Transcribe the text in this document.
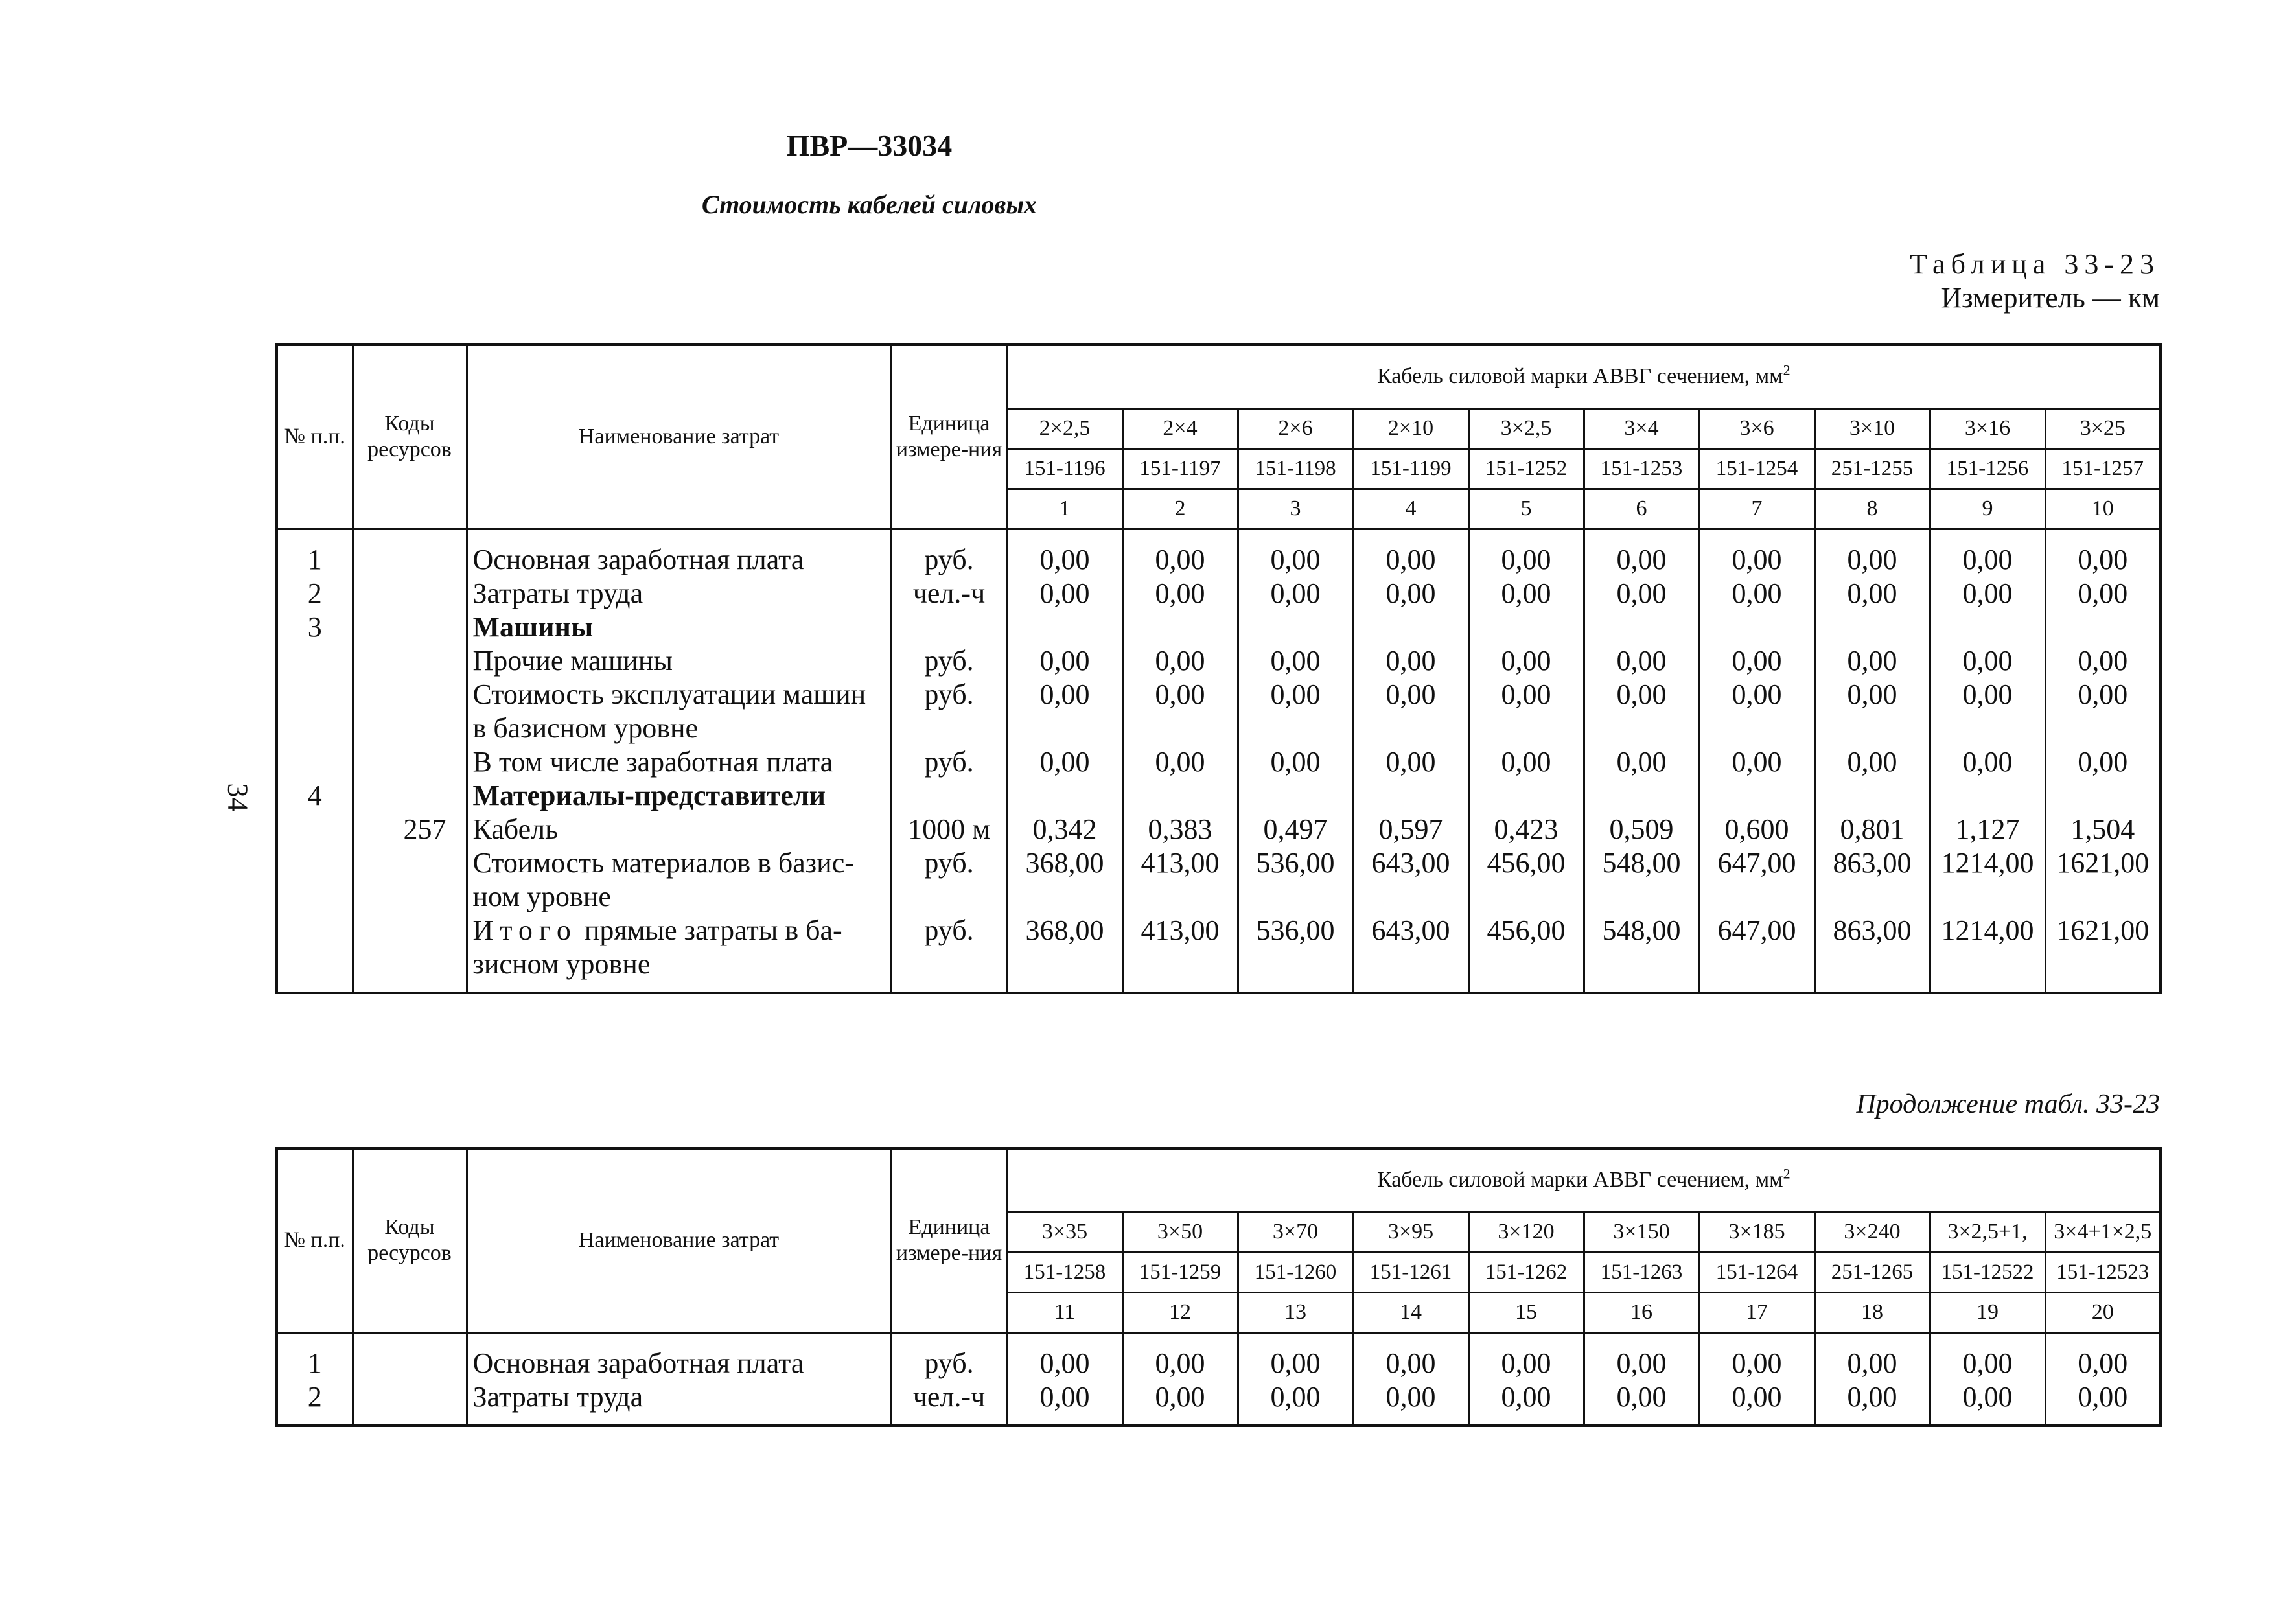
ПВР—33034
Стоимость кабелей силовых
Таблица 33-23
Измеритель — км
34
Продолжение табл. 33-23
№ п.п.	Коды ресурсов	Наименование затрат	Единица измере-ния	Кабель силовой марки АВВГ сечением, $мм^2$
				2×2,5	2×4	2×6	2×10	3×2,5	3×4	3×6	3×10	3×16	3×25
				151-1196	151-1197	151-1198	151-1199	151-1252	151-1253	151-1254	251-1255	151-1256	151-1257
				1	2	3	4	5	6	7	8	9	10
1		Основная заработная плата	руб.	0,00	0,00	0,00	0,00	0,00	0,00	0,00	0,00	0,00	0,00
2		Затраты труда	чел.-ч	0,00	0,00	0,00	0,00	0,00	0,00	0,00	0,00	0,00	0,00
3		Машины											
		Прочие машины	руб.	0,00	0,00	0,00	0,00	0,00	0,00	0,00	0,00	0,00	0,00
		Стоимость эксплуатации машин в базисном уровне	руб.	0,00	0,00	0,00	0,00	0,00	0,00	0,00	0,00	0,00	0,00
		В том числе заработная плата	руб.	0,00	0,00	0,00	0,00	0,00	0,00	0,00	0,00	0,00	0,00
4		Материалы-представители											
	257	Кабель	1000 м	0,342	0,383	0,497	0,597	0,423	0,509	0,600	0,801	1,127	1,504
		Стоимость материалов в базис-ном уровне	руб.	368,00	413,00	536,00	643,00	456,00	548,00	647,00	863,00	1214,00	1621,00
		Итого прямые затраты в ба-зисном уровне	руб.	368,00	413,00	536,00	643,00	456,00	548,00	647,00	863,00	1214,00	1621,00
№ п.п.	Коды ресурсов	Наименование затрат	Единица измере-ния	Кабель силовой марки АВВГ сечением, $мм^2$
				3×35	3×50	3×70	3×95	3×120	3×150	3×185	3×240	3×2,5+1,	3×4+1×2,5
				151-1258	151-1259	151-1260	151-1261	151-1262	151-1263	151-1264	251-1265	151-12522	151-12523
				11	12	13	14	15	16	17	18	19	20
1		Основная заработная плата	руб.	0,00	0,00	0,00	0,00	0,00	0,00	0,00	0,00	0,00	0,00
2		Затраты труда	чел.-ч	0,00	0,00	0,00	0,00	0,00	0,00	0,00	0,00	0,00	0,00
